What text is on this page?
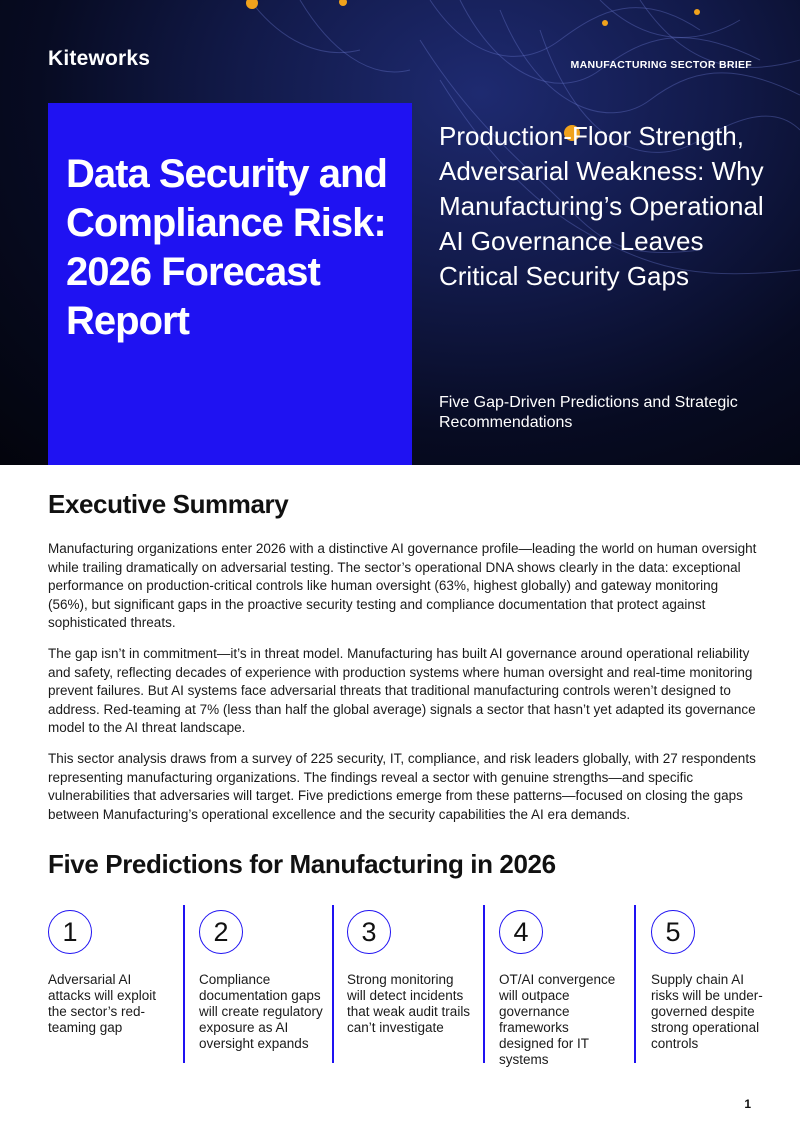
Kiteworks	MANUFACTURING SECTOR BRIEF
Data Security and Compliance Risk: 2026 Forecast Report

Production-Floor Strength, Adversarial Weakness: Why Manufacturing’s Operational AI Governance Leaves Critical Security Gaps

Five Gap-Driven Predictions and Strategic Recommendations

Executive Summary

Manufacturing organizations enter 2026 with a distinctive AI governance profile—leading the world on human oversight while trailing dramatically on adversarial testing. The sector’s operational DNA shows clearly in the data: exceptional performance on production-critical controls like human oversight (63%, highest globally) and gateway monitoring (56%), but significant gaps in the proactive security testing and compliance documentation that protect against sophisticated threats.

The gap isn’t in commitment—it’s in threat model. Manufacturing has built AI governance around operational reliability and safety, reflecting decades of experience with production systems where human oversight and real-time monitoring prevent failures. But AI systems face adversarial threats that traditional manufacturing controls weren’t designed to address. Red-teaming at 7% (less than half the global average) signals a sector that hasn’t yet adapted its governance model to the AI threat landscape.

This sector analysis draws from a survey of 225 security, IT, compliance, and risk leaders globally, with 27 respondents representing manufacturing organizations. The findings reveal a sector with genuine strengths—and specific vulnerabilities that adversaries will target. Five predictions emerge from these patterns—focused on closing the gaps between Manufacturing’s operational excellence and the security capabilities the AI era demands.

Five Predictions for Manufacturing in 2026
1
Adversarial AI attacks will exploit the sector’s red-teaming gap
2
Compliance documentation gaps will create regulatory exposure as AI oversight expands
3
Strong monitoring will detect incidents that weak audit trails can’t investigate
4
OT/AI convergence will outpace governance frameworks designed for IT systems
5
Supply chain AI risks will be under-governed despite strong operational controls
1
